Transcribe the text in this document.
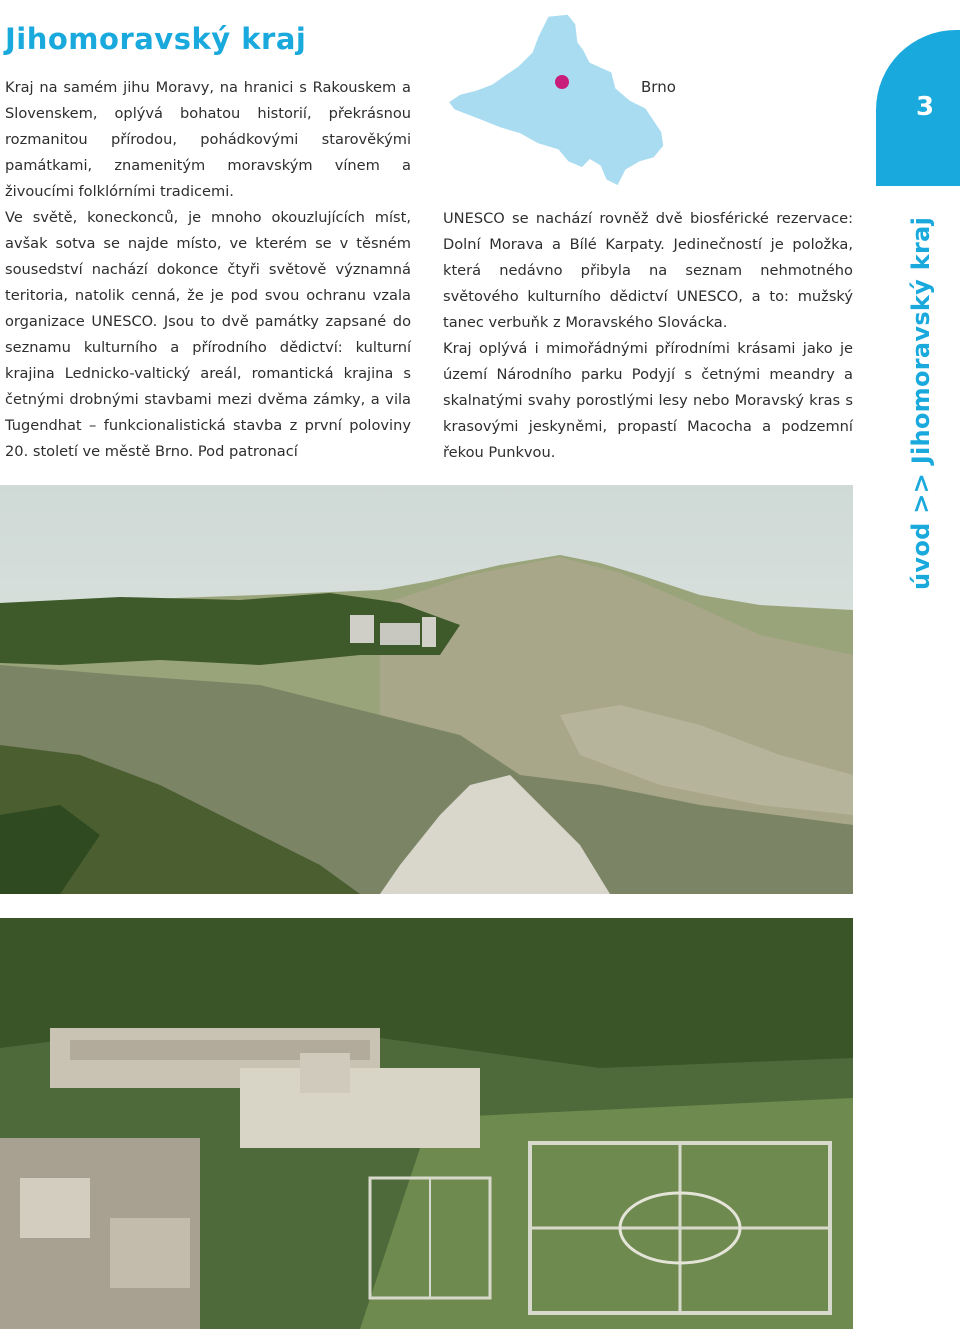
Jihomoravský kraj

Kraj na samém jihu Moravy, na hranici s Rakouskem a Slovenskem, oplývá bohatou historií, překrásnou rozmanitou přírodou, pohádkovými starověkými památkami, znamenitým moravským vínem a živoucími folklórními tradicemi.

Ve světě, koneckonců, je mnoho okouzlujících míst, avšak sotva se najde místo, ve kterém se v těsném sousedství nachází dokonce čtyři světově významná teritoria, natolik cenná, že je pod svou ochranu vzala organizace UNESCO. Jsou to dvě památky zapsané do seznamu kulturního a přírodního dědictví: kulturní krajina Lednicko-valtický areál, romantická krajina s četnými drobnými stavbami mezi dvěma zámky, a vila Tugendhat – funkcionalistická stavba z první poloviny 20. století ve městě Brno. Pod patronací

Brno

UNESCO se nachází rovněž dvě biosférické rezervace: Dolní Morava a Bílé Karpaty. Jedinečností je položka, která nedávno přibyla na seznam nehmotného světového kulturního dědictví UNESCO, a to: mužský tanec verbuňk z Moravského Slovácka.

Kraj oplývá i mimořádnými přírodními krásami jako je území Národního parku Podyjí s četnými meandry a skalnatými svahy porostlými lesy nebo Moravský kras s krasovými jeskyněmi, propastí Macocha a podzemní řekou Punkvou.

3
úvod >> Jihomoravský kraj
